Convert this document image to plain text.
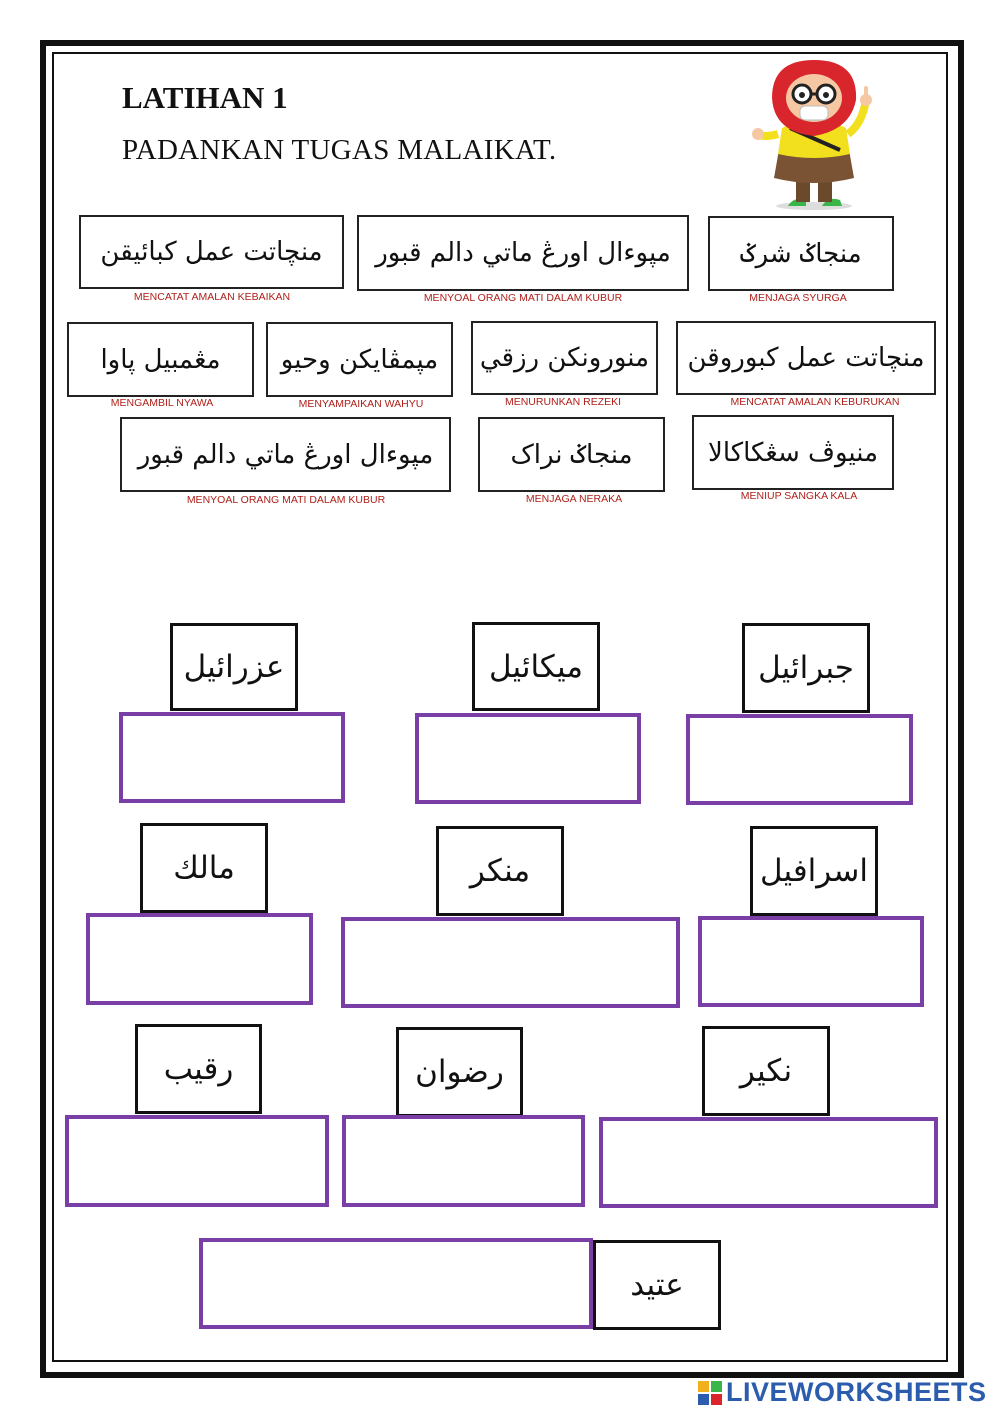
LATIHAN 1
PADANKAN TUGAS MALAIKAT.
منچاتت عمل کبائيقن
MENCATAT AMALAN KEBAIKAN
مپوءال اورڠ ماتي دالم قبور
MENYOAL ORANG MATI DALAM KUBUR
منجاݢ شرݢ
MENJAGA SYURGA
مڠمبيل ڽاوا
MENGAMBIL NYAWA
مپمڤايکن وحيو
MENYAMPAIKAN WAHYU
منورونکن رزقي
MENURUNKAN REZEKI
منچاتت عمل کبوروقن
MENCATAT AMALAN KEBURUKAN
مپوءال اورڠ ماتي دالم قبور
MENYOAL ORANG MATI DALAM KUBUR
منجاݢ نراک
MENJAGA NERAKA
منيوڤ سڠکاکالا
MENIUP SANGKA KALA
عزرائيل	ميکائيل	جبرائيل
مالك	منکر	اسرافيل
رقيب	رضوان	نکير
عتيد
LIVEWORKSHEETS
